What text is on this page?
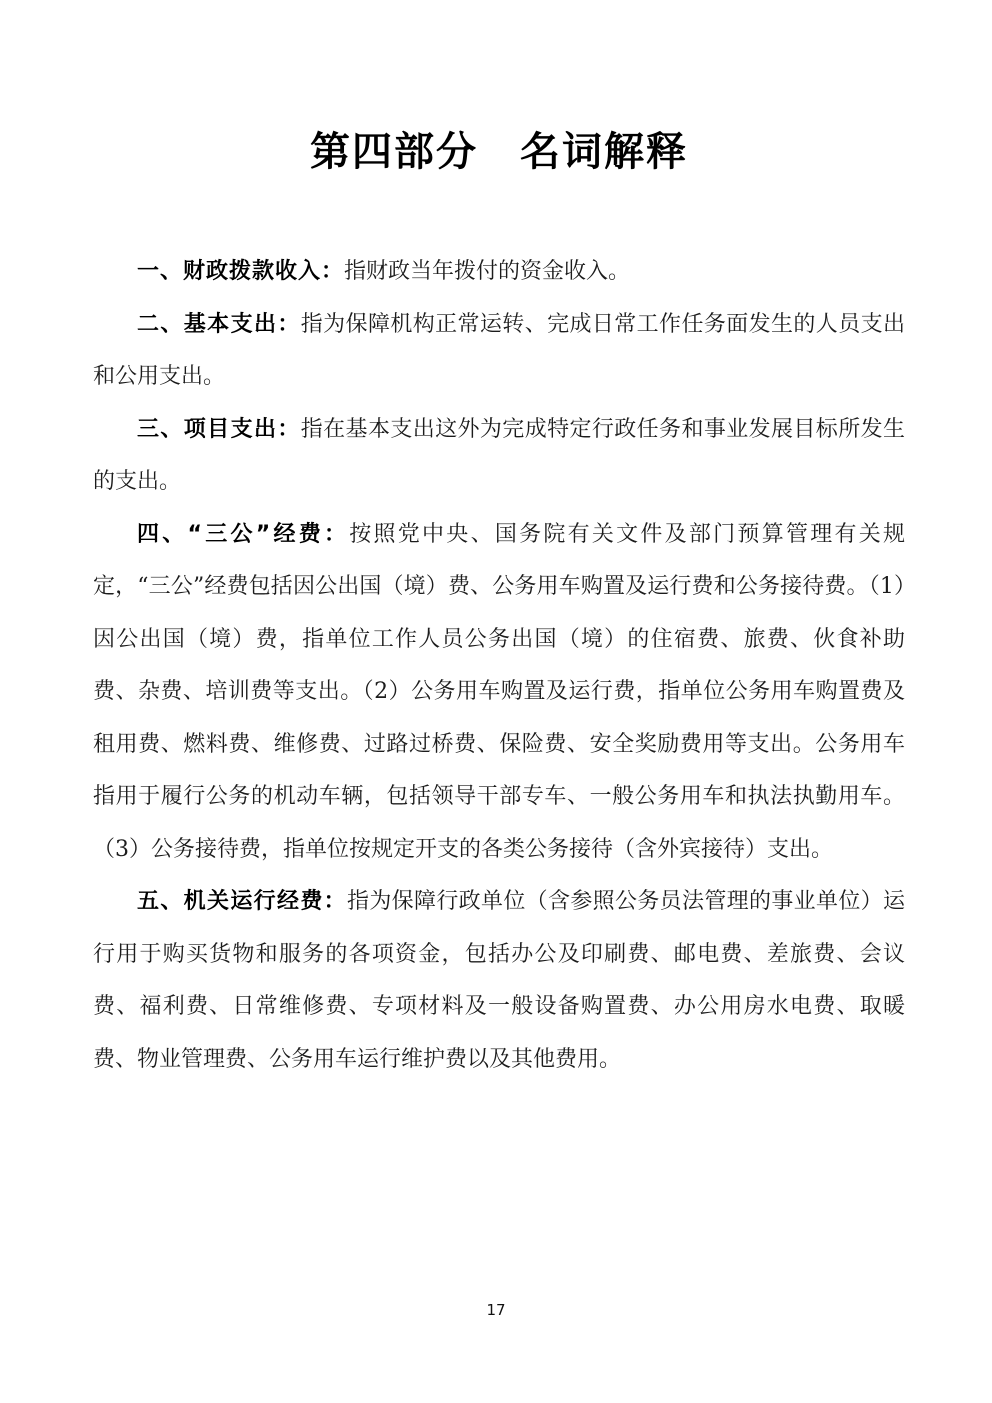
第四部分　名词解释

一、财政拨款收入：指财政当年拨付的资金收入。

二、基本支出：指为保障机构正常运转、完成日常工作任务面发生的人员支出和公用支出。

三、项目支出：指在基本支出这外为完成特定行政任务和事业发展目标所发生的支出。

四、“三公”经费：按照党中央、国务院有关文件及部门预算管理有关规定，“三公”经费包括因公出国（境）费、公务用车购置及运行费和公务接待费。（1）因公出国（境）费，指单位工作人员公务出国（境）的住宿费、旅费、伙食补助费、杂费、培训费等支出。（2）公务用车购置及运行费，指单位公务用车购置费及租用费、燃料费、维修费、过路过桥费、保险费、安全奖励费用等支出。公务用车指用于履行公务的机动车辆，包括领导干部专车、一般公务用车和执法执勤用车。（3）公务接待费，指单位按规定开支的各类公务接待（含外宾接待）支出。

五、机关运行经费：指为保障行政单位（含参照公务员法管理的事业单位）运行用于购买货物和服务的各项资金，包括办公及印刷费、邮电费、差旅费、会议费、福利费、日常维修费、专项材料及一般设备购置费、办公用房水电费、取暖费、物业管理费、公务用车运行维护费以及其他费用。

17
